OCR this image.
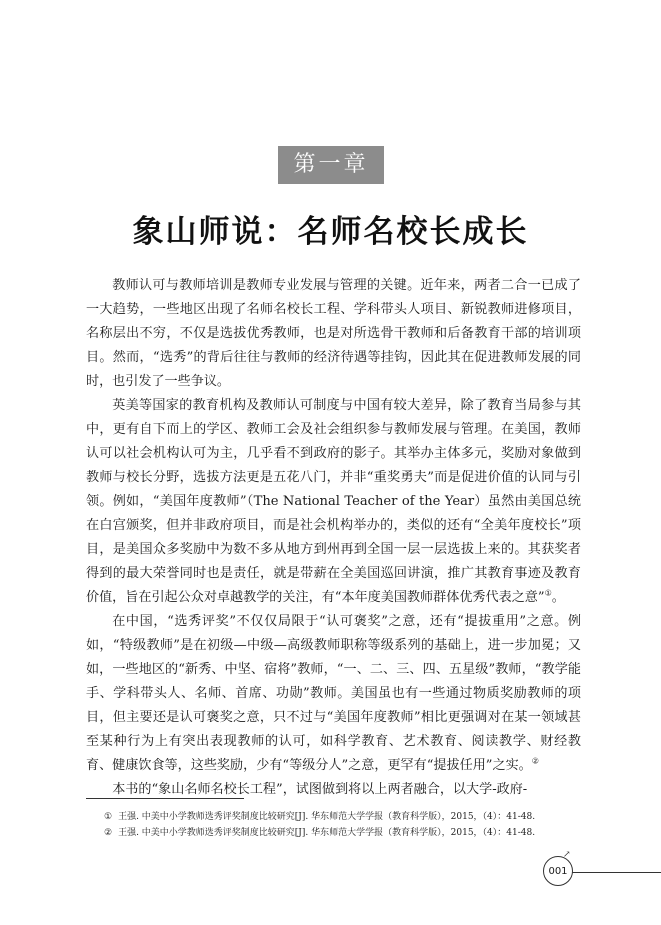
第一章
象山师说：名师名校长成长

教师认可与教师培训是教师专业发展与管理的关键。近年来，两者二合一已成了一大趋势，一些地区出现了名师名校长工程、学科带头人项目、新锐教师进修项目，名称层出不穷，不仅是选拔优秀教师，也是对所选骨干教师和后备教育干部的培训项目。然而，“选秀”的背后往往与教师的经济待遇等挂钩，因此其在促进教师发展的同时，也引发了一些争议。

英美等国家的教育机构及教师认可制度与中国有较大差异，除了教育当局参与其中，更有自下而上的学区、教师工会及社会组织参与教师发展与管理。在美国，教师认可以社会机构认可为主，几乎看不到政府的影子。其举办主体多元，奖励对象做到教师与校长分野，选拔方法更是五花八门，并非“重奖勇夫”而是促进价值的认同与引领。例如，“美国年度教师”（The National Teacher of the Year）虽然由美国总统在白宫颁奖，但并非政府项目，而是社会机构举办的，类似的还有“全美年度校长”项目，是美国众多奖励中为数不多从地方到州再到全国一层一层选拔上来的。其获奖者得到的最大荣誉同时也是责任，就是带薪在全美国巡回讲演，推广其教育事迹及教育价值，旨在引起公众对卓越教学的关注，有“本年度美国教师群体优秀代表之意”①。

在中国，“选秀评奖”不仅仅局限于“认可褒奖”之意，还有“提拔重用”之意。例如，“特级教师”是在初级—中级—高级教师职称等级系列的基础上，进一步加冕；又如，一些地区的“新秀、中坚、宿将”教师，“一、二、三、四、五星级”教师，“教学能手、学科带头人、名师、首席、功勋”教师。美国虽也有一些通过物质奖励教师的项目，但主要还是认可褒奖之意，只不过与“美国年度教师”相比更强调对在某一领域甚至某种行为上有突出表现教师的认可，如科学教育、艺术教育、阅读教学、财经教育、健康饮食等，这些奖励，少有“等级分人”之意，更罕有“提拔任用”之实。②

本书的“象山名师名校长工程”，试图做到将以上两者融合，以大学-政府-

① 王强. 中美中小学教师选秀评奖制度比较研究[J]. 华东师范大学学报（教育科学版），2015，（4）：41-48.
② 王强. 中美中小学教师选秀评奖制度比较研究[J]. 华东师范大学学报（教育科学版），2015，（4）：41-48.
001
↗
